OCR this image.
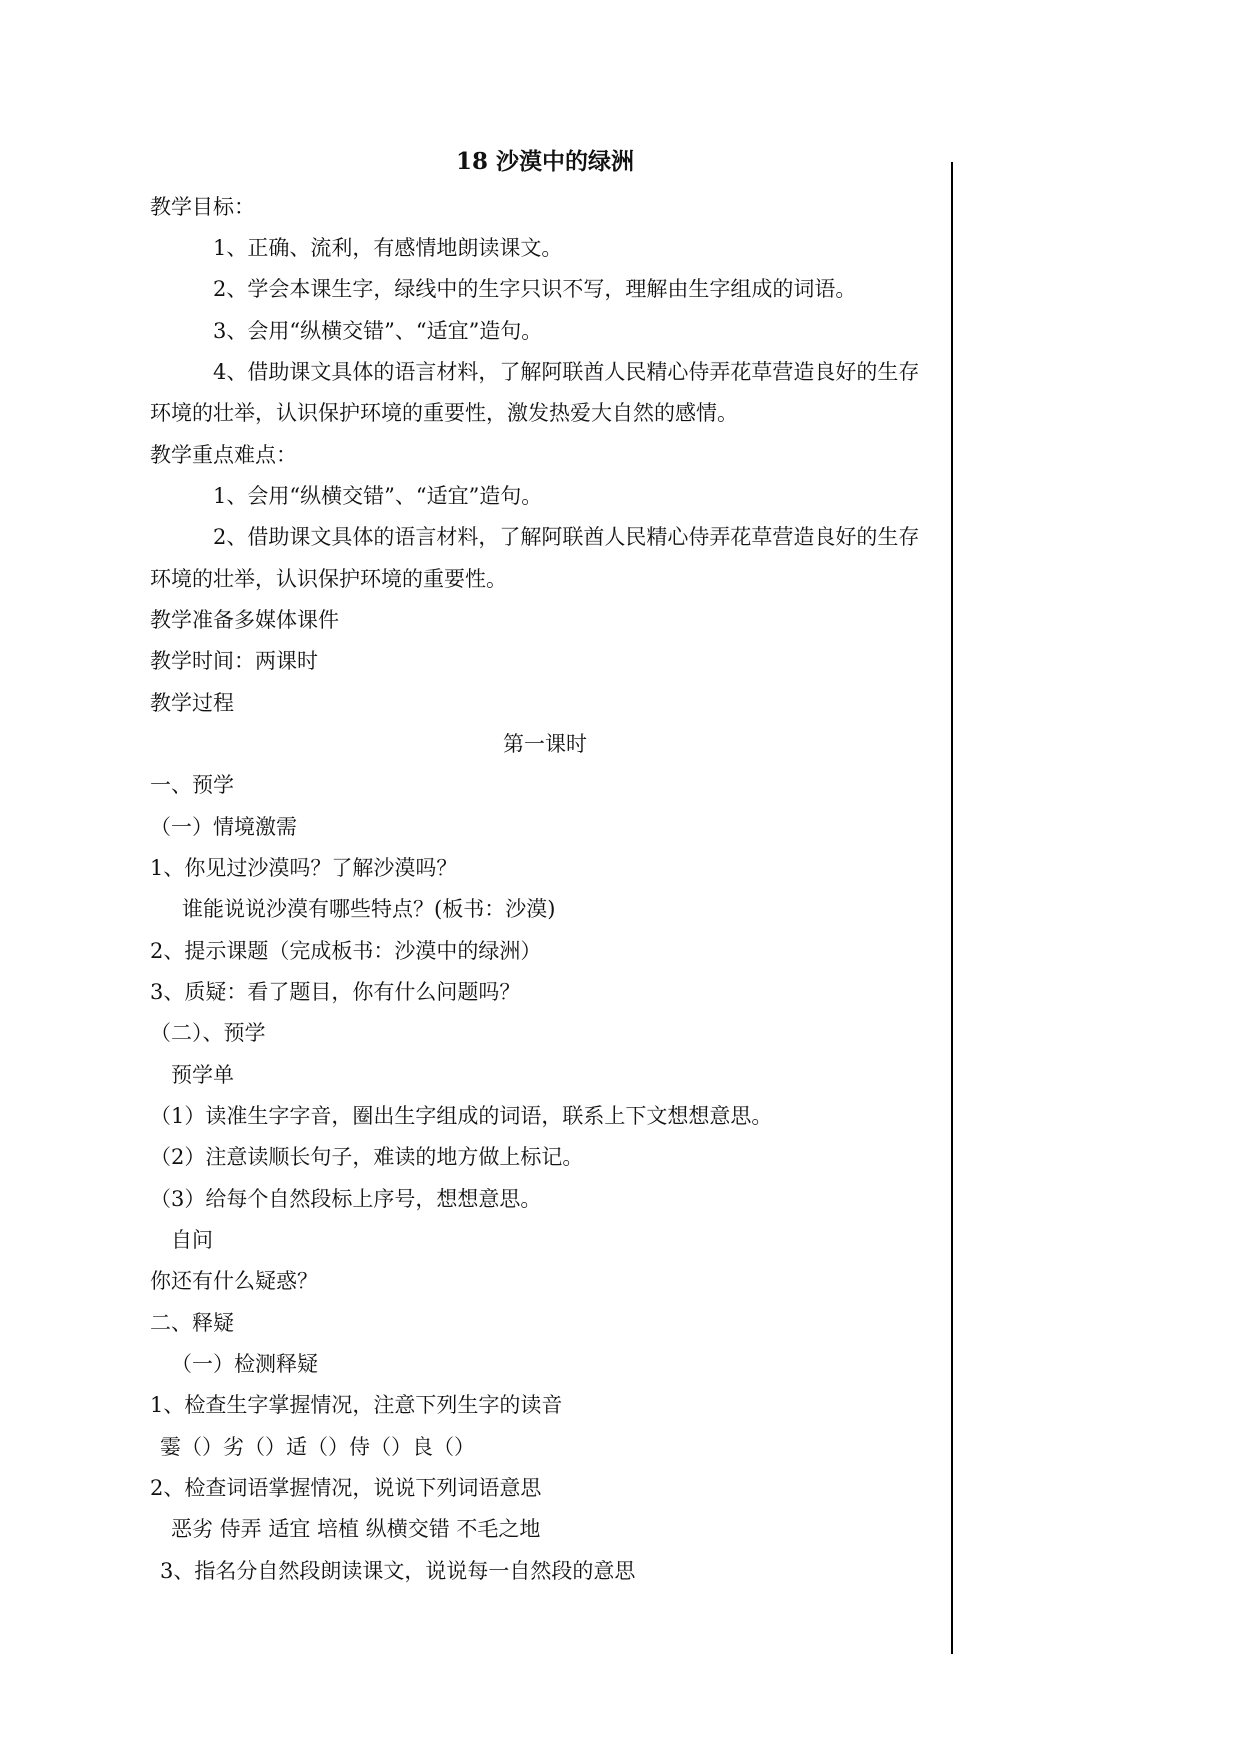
18 沙漠中的绿洲
教学目标：
1、正确、流利，有感情地朗读课文。
2、学会本课生字，绿线中的生字只识不写，理解由生字组成的词语。
3、会用“纵横交错”、“适宜”造句。
4、借助课文具体的语言材料，了解阿联酋人民精心侍弄花草营造良好的生存
环境的壮举，认识保护环境的重要性，激发热爱大自然的感情。
教学重点难点：
1、会用“纵横交错”、“适宜”造句。
2、借助课文具体的语言材料，了解阿联酋人民精心侍弄花草营造良好的生存
环境的壮举，认识保护环境的重要性。
教学准备多媒体课件
教学时间：两课时
教学过程
第一课时
一、预学
（一）情境激需
1、你见过沙漠吗？了解沙漠吗？
谁能说说沙漠有哪些特点？(板书：沙漠)
2、提示课题（完成板书：沙漠中的绿洲）
3、质疑：看了题目，你有什么问题吗？
（二）、预学
预学单
（1）读准生字字音，圈出生字组成的词语，联系上下文想想意思。
（2）注意读顺长句子，难读的地方做上标记。
（3）给每个自然段标上序号，想想意思。
自问
你还有什么疑惑？
二、释疑
（一）检测释疑
1、检查生字掌握情况，注意下列生字的读音
霎（）劣（）适（）侍（）良（）
2、检查词语掌握情况，说说下列词语意思
恶劣 侍弄 适宜 培植 纵横交错 不毛之地
3、指名分自然段朗读课文，说说每一自然段的意思
